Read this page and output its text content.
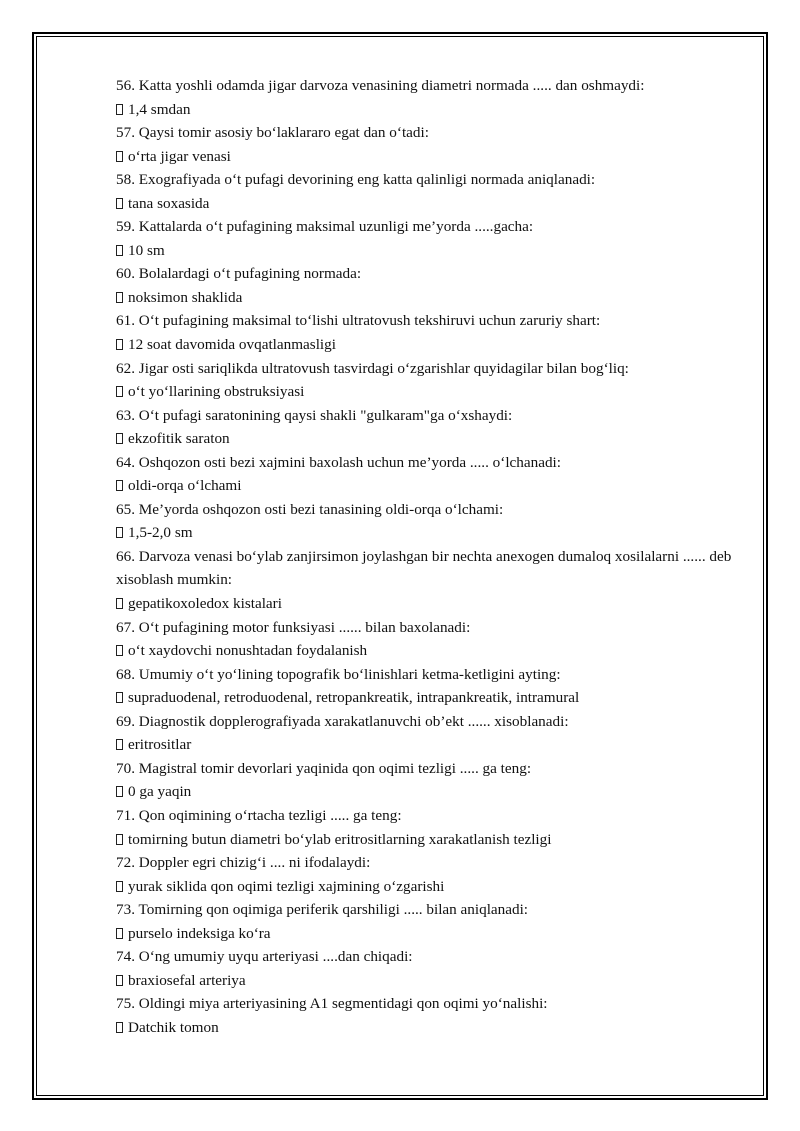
56. Katta yoshli odamda jigar darvoza venasining diametri normada ..... dan oshmaydi:

1,4 smdan

57. Qaysi tomir asosiy bo‘laklararo egat dan o‘tadi:

o‘rta jigar venasi

58. Exografiyada o‘t pufagi devorining eng katta qalinligi normada aniqlanadi:

tana soxasida

59. Kattalarda o‘t pufagining maksimal uzunligi me’yorda .....gacha:

10 sm

60. Bolalardagi o‘t pufagining normada:

noksimon shaklida

61. O‘t pufagining maksimal to‘lishi ultratovush tekshiruvi uchun zaruriy shart:

12 soat davomida ovqatlanmasligi

62. Jigar osti sariqlikda ultratovush tasvirdagi o‘zgarishlar quyidagilar bilan bog‘liq:

o‘t yo‘llarining obstruksiyasi

63. O‘t pufagi saratonining qaysi shakli "gulkaram"ga o‘xshaydi:

ekzofitik saraton

64. Oshqozon osti bezi xajmini baxolash uchun me’yorda ..... o‘lchanadi:

oldi-orqa o‘lchami

65. Me’yorda oshqozon osti bezi tanasining oldi-orqa o‘lchami:

1,5-2,0 sm

66. Darvoza venasi bo‘ylab zanjirsimon joylashgan bir nechta anexogen dumaloq xosilalarni ...... deb xisoblash mumkin:

gepatikoxoledox kistalari

67. O‘t pufagining motor funksiyasi ...... bilan baxolanadi:

o‘t xaydovchi nonushtadan foydalanish

68. Umumiy o‘t yo‘lining topografik bo‘linishlari ketma-ketligini ayting:

supraduodenal, retroduodenal, retropankreatik, intrapankreatik, intramural

69. Diagnostik dopplerografiyada xarakatlanuvchi ob’ekt ...... xisoblanadi:

eritrositlar

70. Magistral tomir devorlari yaqinida qon oqimi tezligi ..... ga teng:

0 ga yaqin

71. Qon oqimining o‘rtacha tezligi ..... ga teng:

tomirning butun diametri bo‘ylab eritrositlarning xarakatlanish tezligi

72. Doppler egri chizig‘i .... ni ifodalaydi:

yurak siklida qon oqimi tezligi xajmining o‘zgarishi

73. Tomirning qon oqimiga periferik qarshiligi ..... bilan aniqlanadi:

purselo indeksiga ko‘ra

74. O‘ng umumiy uyqu arteriyasi ....dan chiqadi:

braxiosefal arteriya

75. Oldingi miya arteriyasining A1 segmentidagi qon oqimi yo‘nalishi:

Datchik tomon
